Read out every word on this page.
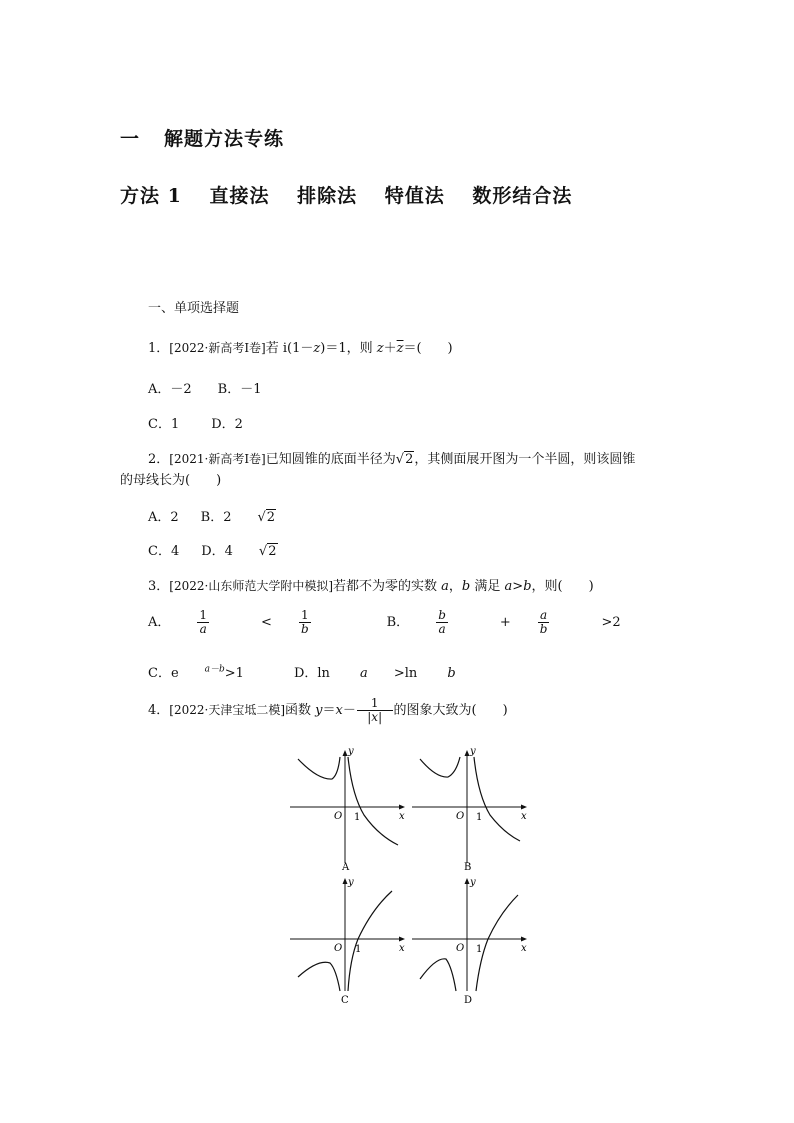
一 解题方法专练
方法 1 直接法 排除法 特值法 数形结合法
一、单项选择题
1．[2022·新高考Ⅰ卷]若 i(1－z)＝1，则 $z+\overline{z}=$(　　)
A．－2 B．－1
C．1 D．2
2．[2021·新高考Ⅰ卷]已知圆锥的底面半径为√2，其侧面展开图为一个半圆，则该圆锥
的母线长为(　　)
A．2 B．2 √2
C．4 D．4 √2
3．[2022·山东师范大学附中模拟]若都不为零的实数 a，b 满足 a>b，则(　　)
A． $\frac{1}{a} < \frac{1}{b}$	B． $\frac{b}{a} + \frac{a}{b} >2$
C．e	$^{a-b}$>1	D．ln a >ln b
4．[2022·天津宝坻二模]函数 $y=x- \frac{1}{|x|}$ 的图象大致为(　　)
y
x
O 1
A
y
x
O 1
B
y
x
O 1
C
y
x
O 1
D
